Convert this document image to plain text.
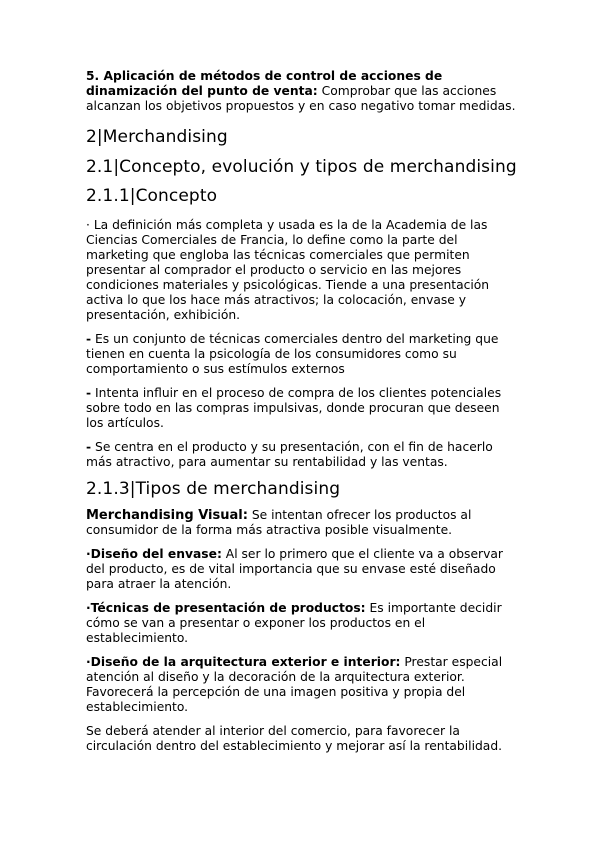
5. Aplicación de métodos de control de acciones de dinamización del punto de venta: Comprobar que las acciones alcanzan los objetivos propuestos y en caso negativo tomar medidas.

2|Merchandising
2.1|Concepto, evolución y tipos de merchandising
2.1.1|Concepto

· La definición más completa y usada es la de la Academia de las Ciencias Comerciales de Francia, lo define como la parte del marketing que engloba las técnicas comerciales que permiten presentar al comprador el producto o servicio en las mejores condiciones materiales y psicológicas. Tiende a una presentación activa lo que los hace más atractivos; la colocación, envase y presentación, exhibición.

- Es un conjunto de técnicas comerciales dentro del marketing que tienen en cuenta la psicología de los consumidores como su comportamiento o sus estímulos externos

- Intenta influir en el proceso de compra de los clientes potenciales sobre todo en las compras impulsivas, donde procuran que deseen los artículos.

- Se centra en el producto y su presentación, con el fin de hacerlo más atractivo, para aumentar su rentabilidad y las ventas.

2.1.3|Tipos de merchandising

Merchandising Visual: Se intentan ofrecer los productos al consumidor de la forma más atractiva posible visualmente.

·Diseño del envase: Al ser lo primero que el cliente va a observar del producto, es de vital importancia que su envase esté diseñado para atraer la atención.

·Técnicas de presentación de productos: Es importante decidir cómo se van a presentar o exponer los productos en el establecimiento.

·Diseño de la arquitectura exterior e interior: Prestar especial atención al diseño y la decoración de la arquitectura exterior. Favorecerá la percepción de una imagen positiva y propia del establecimiento.

Se deberá atender al interior del comercio, para favorecer la circulación dentro del establecimiento y mejorar así la rentabilidad.
